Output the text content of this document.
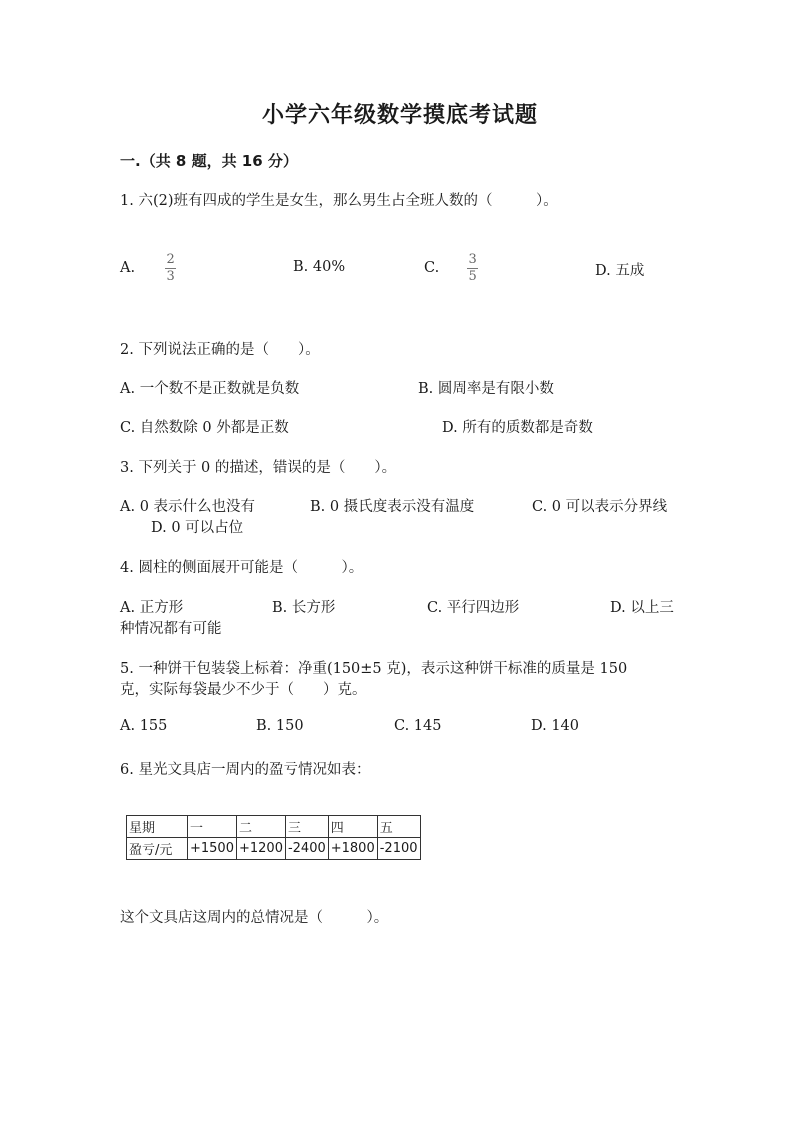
小学六年级数学摸底考试题
一.（共 8 题，共 16 分）
1. 六(2)班有四成的学生是女生，那么男生占全班人数的（　　　）。
A. $\frac{2}{3}$	B. 40%	C. $\frac{3}{5}$	D. 五成
2. 下列说法正确的是（　　）。
A. 一个数不是正数就是负数	B. 圆周率是有限小数
C. 自然数除 0 外都是正数	D. 所有的质数都是奇数
3. 下列关于 0 的描述，错误的是（　　）。
A. 0 表示什么也没有	B. 0 摄氏度表示没有温度	C. 0 可以表示分界线
D. 0 可以占位
4. 圆柱的侧面展开可能是（　　　）。
A. 正方形	B. 长方形	C. 平行四边形	D. 以上三
种情况都有可能
5. 一种饼干包装袋上标着：净重(150±5 克)，表示这种饼干标准的质量是 150
克，实际每袋最少不少于（　　）克。
A. 155	B. 150	C. 145	D. 140
6. 星光文具店一周内的盈亏情况如表：
星期	一	二	三	四	五
盈亏/元	+1500	+1200	-2400	+1800	-2100
这个文具店这周内的总情况是（　　　）。
